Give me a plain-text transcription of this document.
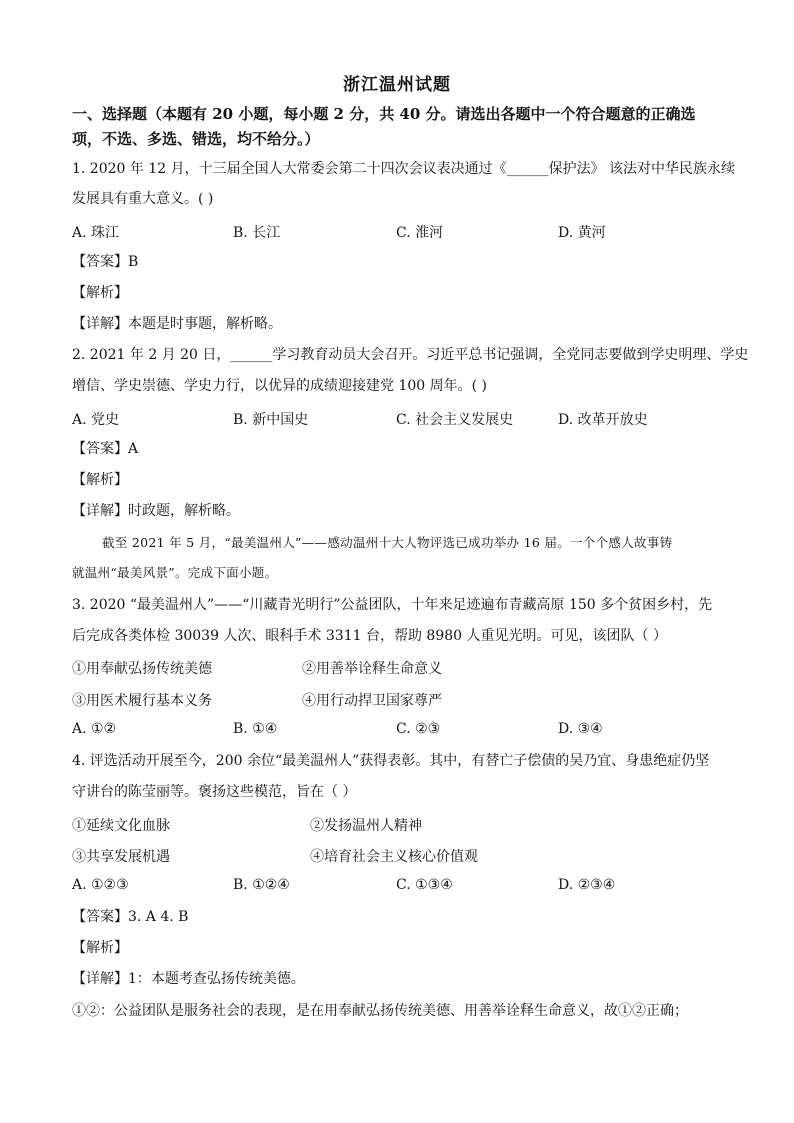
浙江温州试题
一、选择题（本题有 20 小题，每小题 2 分，共 40 分。请选出各题中一个符合题意的正确选
项，不选、多选、错选，均不给分。）
1. 2020 年 12 月，十三届全国人大常委会第二十四次会议表决通过《______保护法》 该法对中华民族永续
发展具有重大意义。( )
A. 珠江	B. 长江	C. 淮河	D. 黄河
【答案】B
【解析】
【详解】本题是时事题，解析略。
2. 2021 年 2 月 20 日，______学习教育动员大会召开。习近平总书记强调，全党同志要做到学史明理、学史
增信、学史崇德、学史力行，以优异的成绩迎接建党 100 周年。( )
A. 党史	B. 新中国史	C. 社会主义发展史	D. 改革开放史
【答案】A
【解析】
【详解】时政题，解析略。
截至 2021 年 5 月，“最美温州人”——感动温州十大人物评选已成功举办 16 届。一个个感人故事铸
就温州“最美风景”。完成下面小题。
3. 2020 “最美温州人”——“川藏青光明行”公益团队，十年来足迹遍布青藏高原 150 多个贫困乡村，先
后完成各类体检 30039 人次、眼科手术 3311 台，帮助 8980 人重见光明。可见，该团队（ ）
①用奉献弘扬传统美德	②用善举诠释生命意义
③用医术履行基本义务	④用行动捍卫国家尊严
A. ①②	B. ①④	C. ②③	D. ③④
4. 评选活动开展至今，200 余位“最美温州人”获得表彰。其中，有替亡子偿债的吴乃宜、身患绝症仍坚
守讲台的陈莹丽等。褒扬这些模范，旨在（ ）
①延续文化血脉	②发扬温州人精神
③共享发展机遇	④培育社会主义核心价值观
A. ①②③	B. ①②④	C. ①③④	D. ②③④
【答案】3. A 4. B
【解析】
【详解】1：本题考查弘扬传统美德。
①②：公益团队是服务社会的表现，是在用奉献弘扬传统美德、用善举诠释生命意义，故①②正确；
